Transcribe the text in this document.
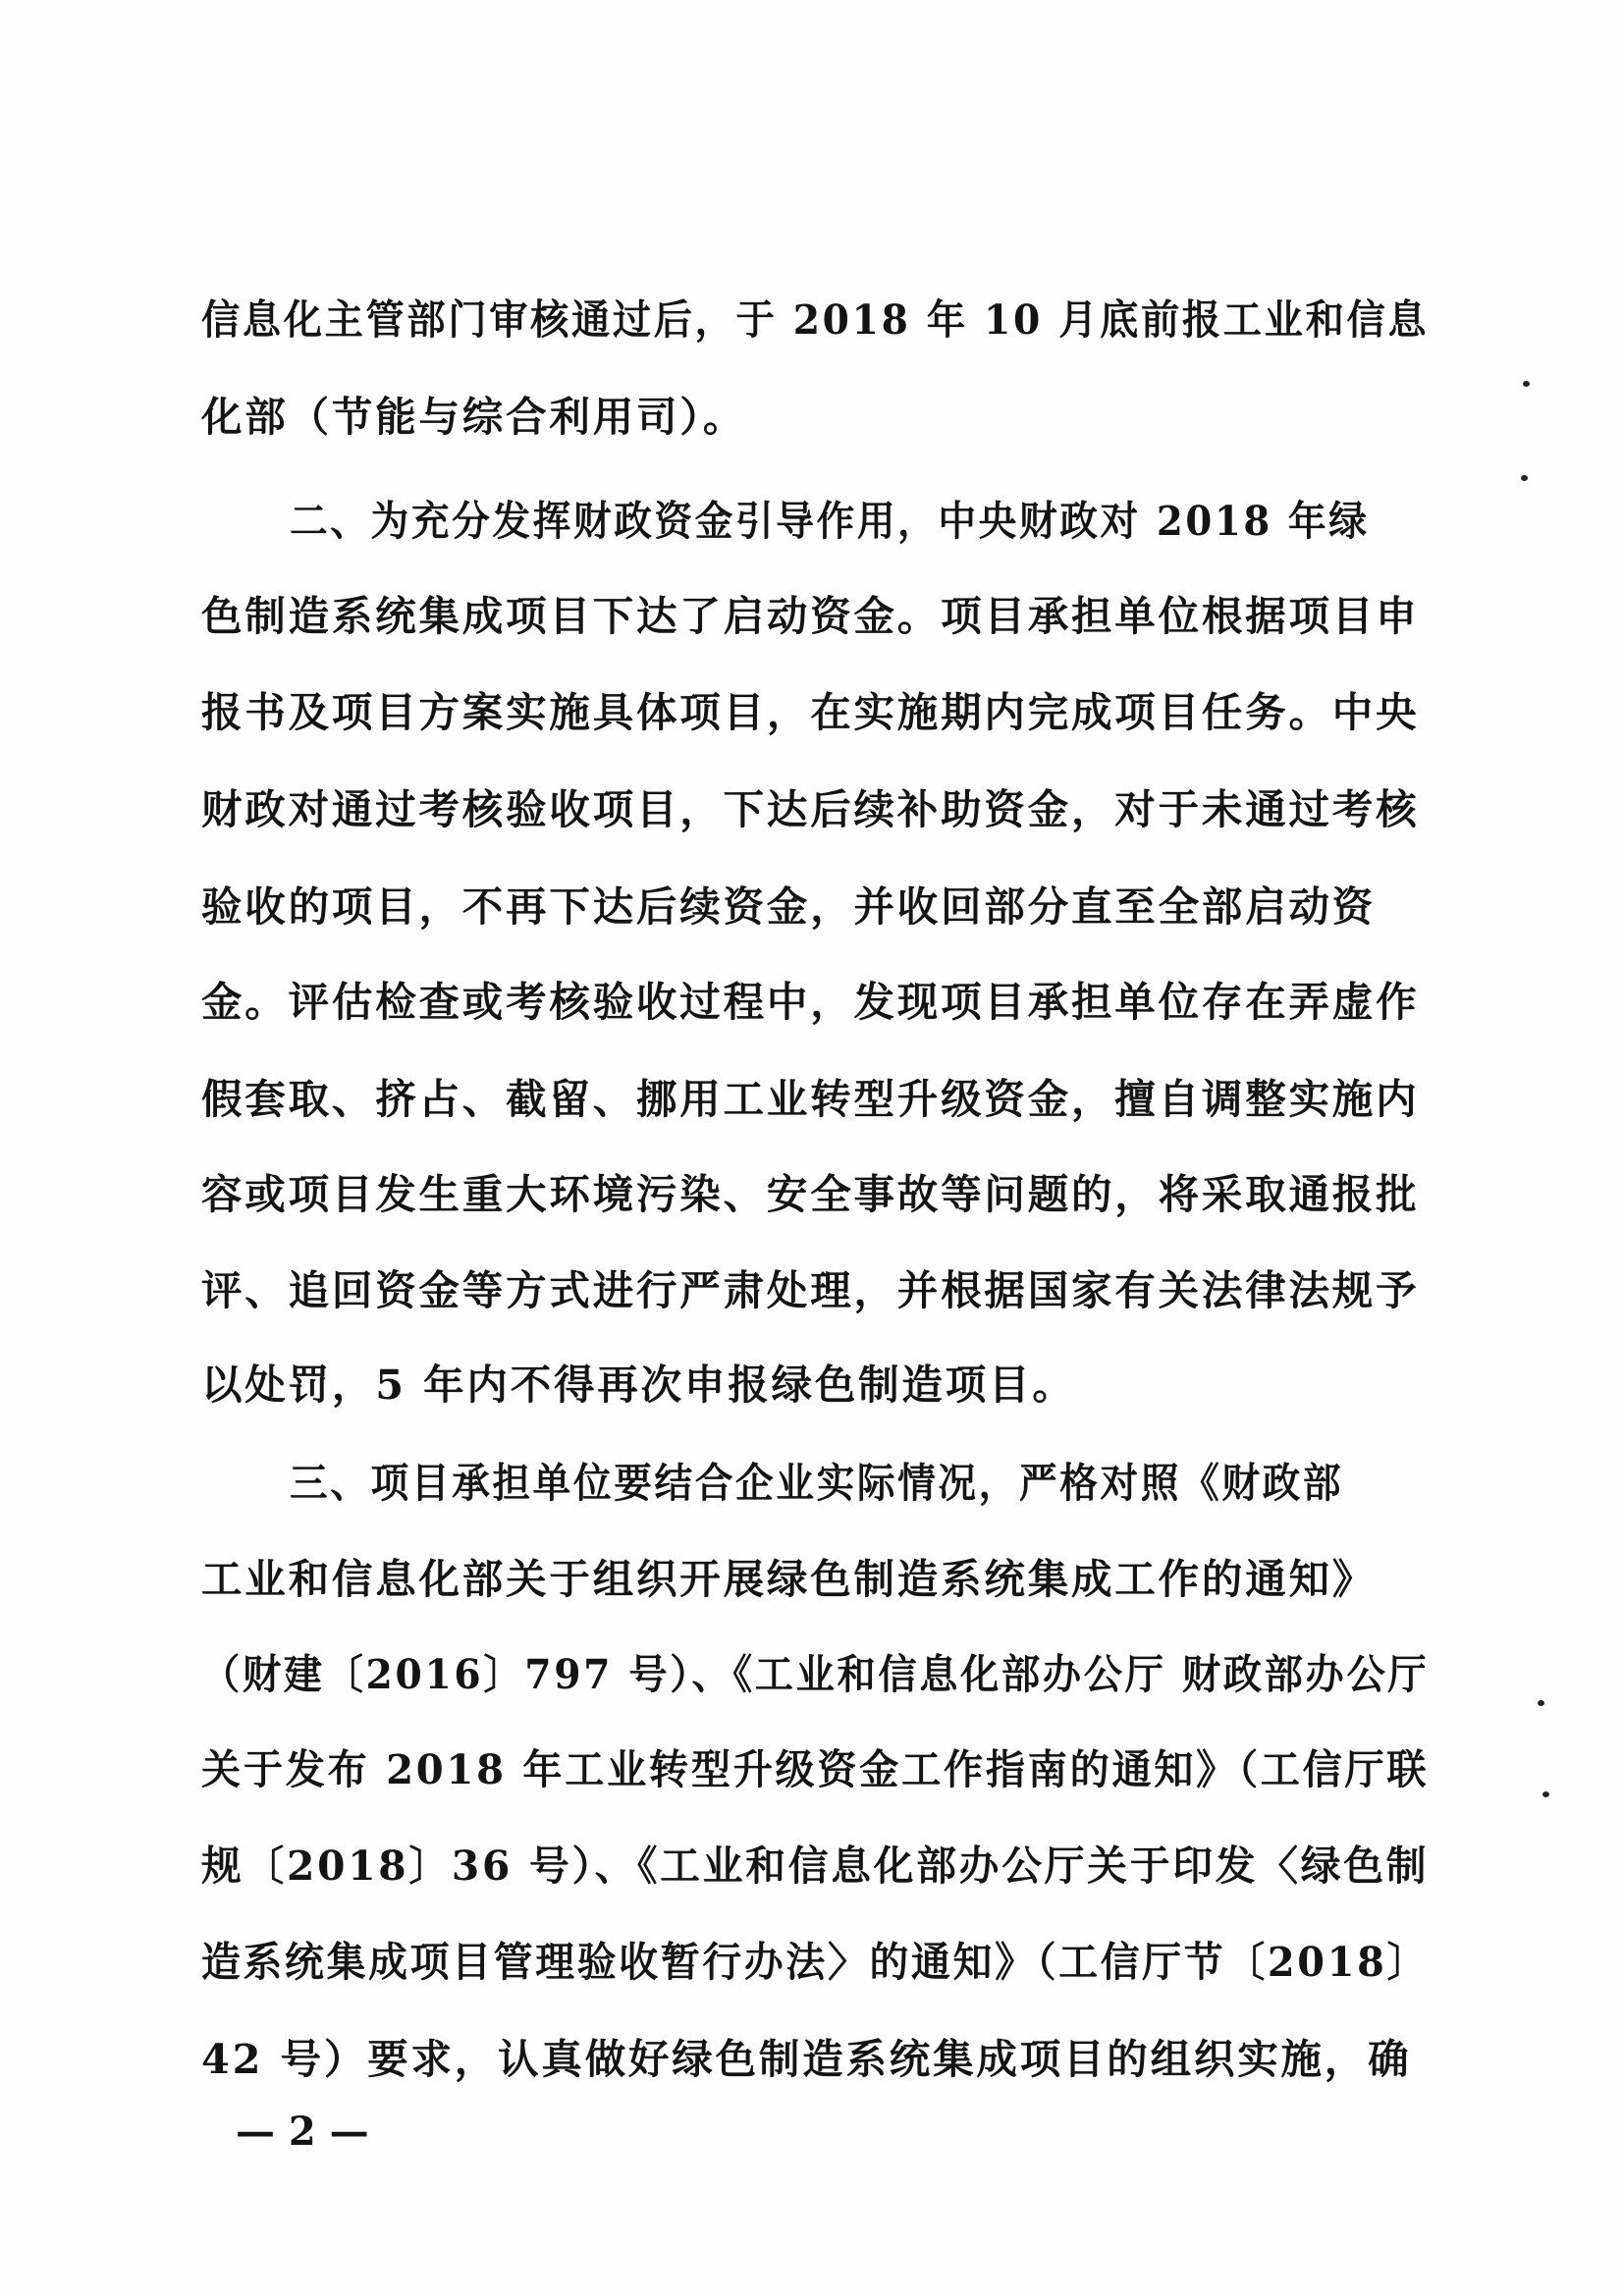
信息化主管部门审核通过后，于 2018 年 10 月底前报工业和信息
化部（节能与综合利用司）。
二、为充分发挥财政资金引导作用，中央财政对 2018 年绿
色制造系统集成项目下达了启动资金。项目承担单位根据项目申
报书及项目方案实施具体项目，在实施期内完成项目任务。中央
财政对通过考核验收项目，下达后续补助资金，对于未通过考核
验收的项目，不再下达后续资金，并收回部分直至全部启动资
金。评估检查或考核验收过程中，发现项目承担单位存在弄虚作
假套取、挤占、截留、挪用工业转型升级资金，擅自调整实施内
容或项目发生重大环境污染、安全事故等问题的，将采取通报批
评、追回资金等方式进行严肃处理，并根据国家有关法律法规予
以处罚，5 年内不得再次申报绿色制造项目。
三、项目承担单位要结合企业实际情况，严格对照《财政部
工业和信息化部关于组织开展绿色制造系统集成工作的通知》
（财建〔2016〕797 号）、《工业和信息化部办公厅 财政部办公厅
关于发布 2018 年工业转型升级资金工作指南的通知》（工信厅联
规〔2018〕36 号）、《工业和信息化部办公厅关于印发〈绿色制
造系统集成项目管理验收暂行办法〉的通知》（工信厅节〔2018〕
42 号）要求，认真做好绿色制造系统集成项目的组织实施，确
— 2 —
